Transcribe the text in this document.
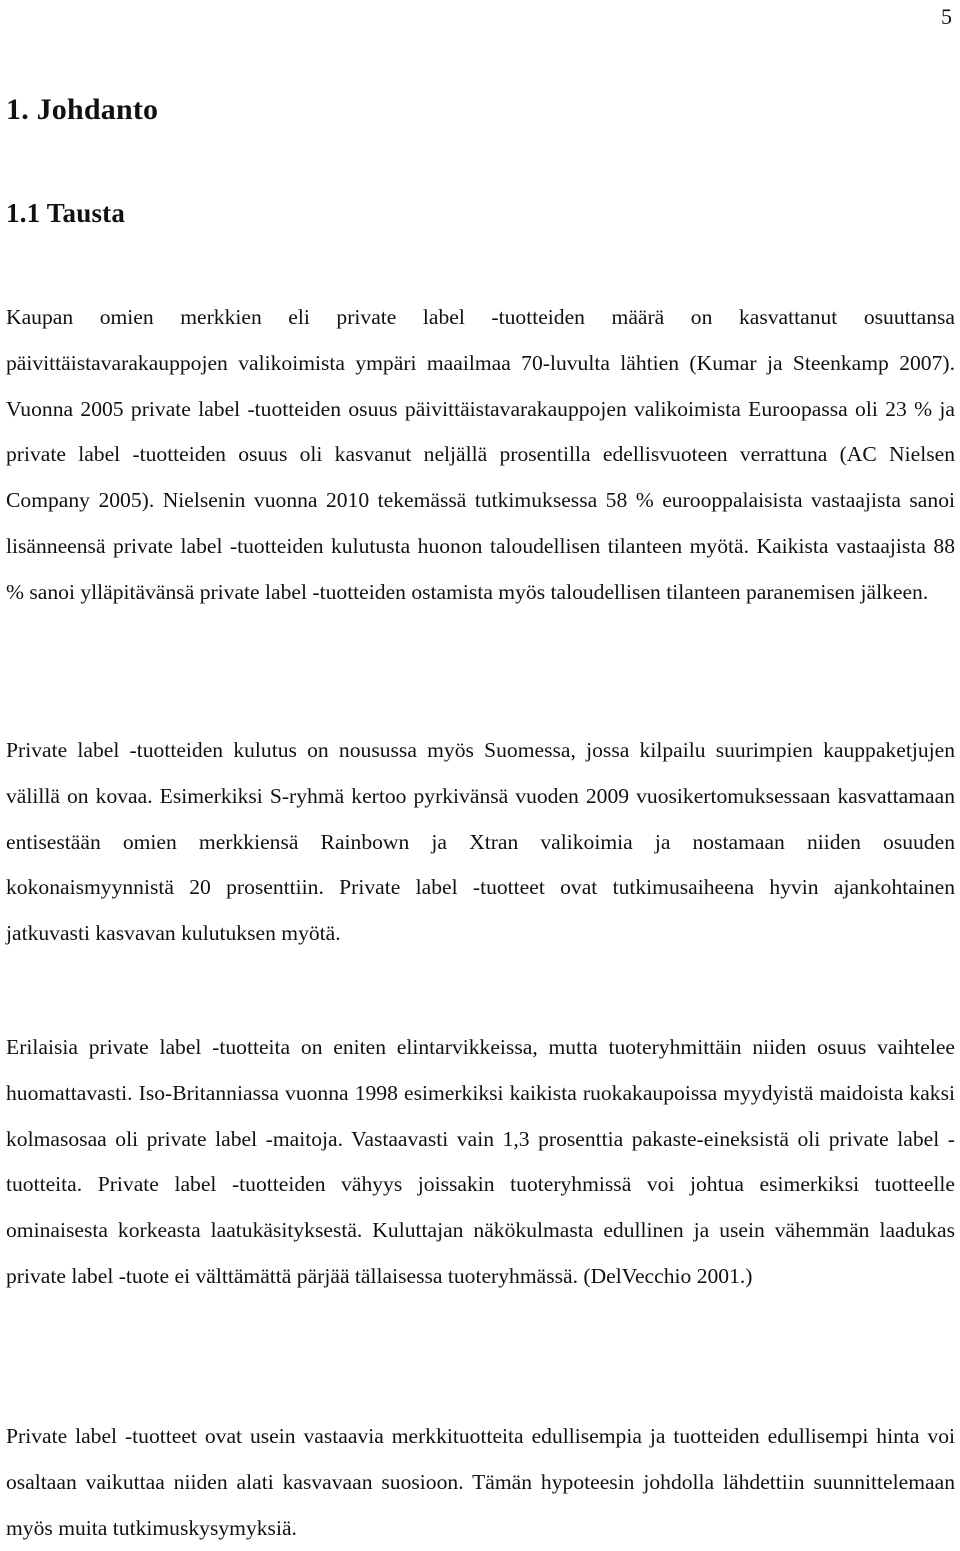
5
1. Johdanto
1.1 Tausta

Kaupan omien merkkien eli private label -tuotteiden määrä on kasvattanut osuuttansa päivittäistavarakauppojen valikoimista ympäri maailmaa 70-luvulta lähtien (Kumar ja Steenkamp 2007). Vuonna 2005 private label -tuotteiden osuus päivittäistavarakauppojen valikoimista Euroopassa oli 23 % ja private label -tuotteiden osuus oli kasvanut neljällä prosentilla edellisvuoteen verrattuna (AC Nielsen Company 2005). Nielsenin vuonna 2010 tekemässä tutkimuksessa 58 % eurooppalaisista vastaajista sanoi lisänneensä private label -tuotteiden kulutusta huonon taloudellisen tilanteen myötä. Kaikista vastaajista 88 % sanoi ylläpitävänsä private label -tuotteiden ostamista myös taloudellisen tilanteen paranemisen jälkeen.

Private label -tuotteiden kulutus on nousussa myös Suomessa, jossa kilpailu suurimpien kauppaketjujen välillä on kovaa. Esimerkiksi S-ryhmä kertoo pyrkivänsä vuoden 2009 vuosikertomuksessaan kasvattamaan entisestään omien merkkiensä Rainbown ja Xtran valikoimia ja nostamaan niiden osuuden kokonaismyynnistä 20 prosenttiin. Private label -tuotteet ovat tutkimusaiheena hyvin ajankohtainen jatkuvasti kasvavan kulutuksen myötä.

Erilaisia private label -tuotteita on eniten elintarvikkeissa, mutta tuoteryhmittäin niiden osuus vaihtelee huomattavasti. Iso-Britanniassa vuonna 1998 esimerkiksi kaikista ruokakaupoissa myydyistä maidoista kaksi kolmasosaa oli private label -maitoja. Vastaavasti vain 1,3 prosenttia pakaste-eineksistä oli private label -tuotteita. Private label -tuotteiden vähyys joissakin tuoteryhmissä voi johtua esimerkiksi tuotteelle ominaisesta korkeasta laatukäsityksestä. Kuluttajan näkökulmasta edullinen ja usein vähemmän laadukas private label -tuote ei välttämättä pärjää tällaisessa tuoteryhmässä. (DelVecchio 2001.)

Private label -tuotteet ovat usein vastaavia merkkituotteita edullisempia ja tuotteiden edullisempi hinta voi osaltaan vaikuttaa niiden alati kasvavaan suosioon. Tämän hypoteesin johdolla lähdettiin suunnittelemaan myös muita tutkimuskysymyksiä.
